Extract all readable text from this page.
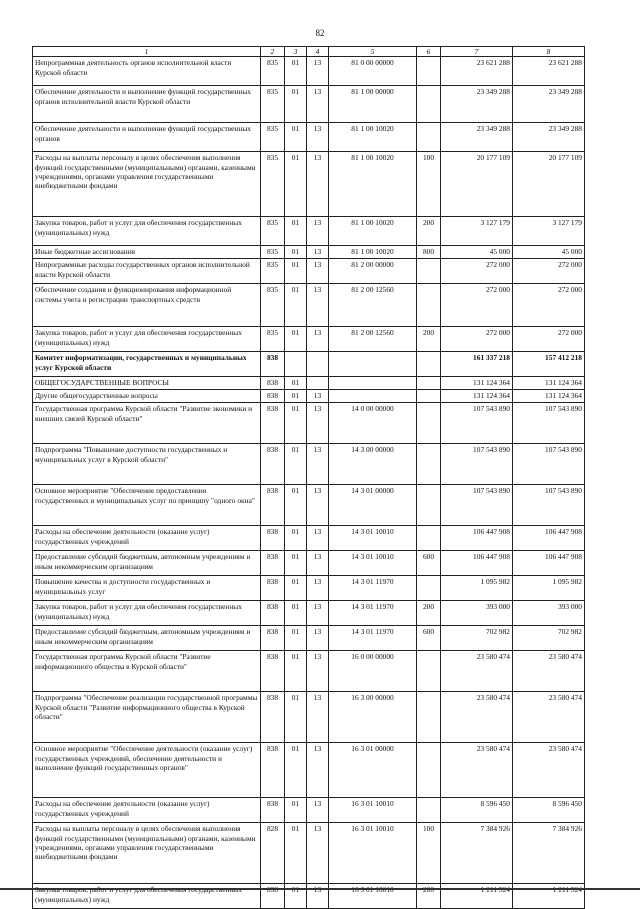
82
1	2	3	4	5	6	7	8
Непрограммная деятельность органов исполнительной власти Курской области	835	01	13	81 0 00 00000		23 621 288	23 621 288
Обеспечение деятельности и выполнение функций государственных органов исполнительной власти Курской области	835	01	13	81 1 00 00000		23 349 288	23 349 288
Обеспечение деятельности и выполнение функций государственных органов	835	01	13	81 1 00 10020		23 349 288	23 349 288
Расходы на выплаты персоналу в целях обеспечения выполнения функций государственными (муниципальными) органами, казенными учреждениями, органами управления государственными внебюджетными фондами	835	01	13	81 1 00 10020	100	20 177 109	20 177 109
Закупка товаров, работ и услуг для обеспечения государственных (муниципальных) нужд	835	01	13	81 1 00 10020	200	3 127 179	3 127 179
Иные бюджетные ассигнования	835	01	13	81 1 00 10020	800	45 000	45 000
Непрограммные расходы государственных органов исполнительной власти Курской области	835	01	13	81 2 00 00000		272 000	272 000
Обеспечение создания и функционирования информационной системы учета и регистрации транспортных средств	835	01	13	81 2 00 12560		272 000	272 000
Закупка товаров, работ и услуг для обеспечения государственных (муниципальных) нужд	835	01	13	81 2 00 12560	200	272 000	272 000
Комитет информатизации, государственных и муниципальных услуг Курской области	838					161 337 218	157 412 218
ОБЩЕГОСУДАРСТВЕННЫЕ ВОПРОСЫ	838	01				131 124 364	131 124 364
Другие общегосударственные вопросы	838	01	13			131 124 364	131 124 364
Государственная программа Курской области "Развитие экономики и внешних связей Курской области"	838	01	13	14 0 00 00000		107 543 890	107 543 890
Подпрограмма "Повышение доступности государственных и муниципальных услуг в Курской области"	838	01	13	14 3 00 00000		107 543 890	107 543 890
Основное мероприятие "Обеспечение предоставления государственных и муниципальных услуг по принципу "одного окна"	838	01	13	14 3 01 00000		107 543 890	107 543 890
Расходы на обеспечение деятельности (оказание услуг) государственных учреждений	838	01	13	14 3 01 10010		106 447 908	106 447 908
Предоставление субсидий бюджетным, автономным учреждениям и иным некоммерческим организациям	838	01	13	14 3 01 10010	600	106 447 908	106 447 908
Повышение качества и доступности государственных и муниципальных услуг	838	01	13	14 3 01 11970		1 095 982	1 095 982
Закупка товаров, работ и услуг для обеспечения государственных (муниципальных) нужд	838	01	13	14 3 01 11970	200	393 000	393 000
Предоставление субсидий бюджетным, автономным учреждениям и иным некоммерческим организациям	838	01	13	14 3 01 11970	600	702 982	702 982
Государственная программа Курской области "Развитие информационного общества в Курской области"	838	01	13	16 0 00 00000		23 580 474	23 580 474
Подпрограмма "Обеспечение реализации государственной программы Курской области "Развитие информационного общества в Курской области"	838	01	13	16 3 00 00000		23 580 474	23 580 474
Основное мероприятие "Обеспечение деятельности (оказание услуг) государственных учреждений, обеспечение деятельности и выполнение функций государственных органов"	838	01	13	16 3 01 00000		23 580 474	23 580 474
Расходы на обеспечение деятельности (оказание услуг) государственных учреждений	838	01	13	16 3 01 10010		8 596 450	8 596 450
Расходы на выплаты персоналу в целях обеспечения выполнения функций государственными (муниципальными) органами, казенными учреждениями, органами управления государственными внебюджетными фондами	828	01	13	16 3 01 10010	100	7 384 926	7 384 926
(муниципальных) нужд							
